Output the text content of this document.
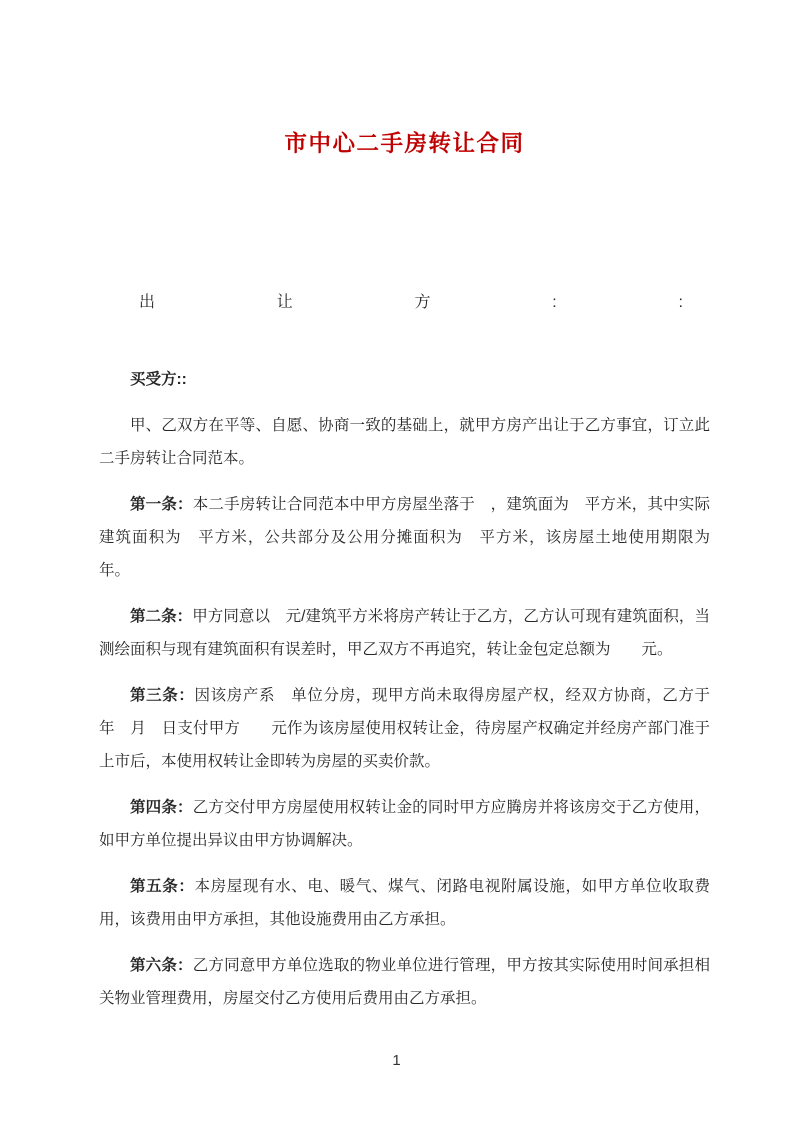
市中心二手房转让合同
出	让	方	:	:

买受方::

甲、乙双方在平等、自愿、协商一致的基础上，就甲方房产出让于乙方事宜，订立此二手房转让合同范本。

第一条：本二手房转让合同范本中甲方房屋坐落于　，建筑面为　平方米，其中实际建筑面积为　平方米，公共部分及公用分摊面积为　平方米，该房屋土地使用期限为　年。

第二条：甲方同意以　元/建筑平方米将房产转让于乙方，乙方认可现有建筑面积，当测绘面积与现有建筑面积有误差时，甲乙双方不再追究，转让金包定总额为　　元。

第三条：因该房产系　单位分房，现甲方尚未取得房屋产权，经双方协商，乙方于　年　月　日支付甲方　　元作为该房屋使用权转让金，待房屋产权确定并经房产部门准于上市后，本使用权转让金即转为房屋的买卖价款。

第四条：乙方交付甲方房屋使用权转让金的同时甲方应腾房并将该房交于乙方使用，如甲方单位提出异议由甲方协调解决。

第五条：本房屋现有水、电、暖气、煤气、闭路电视附属设施，如甲方单位收取费用，该费用由甲方承担，其他设施费用由乙方承担。

第六条：乙方同意甲方单位选取的物业单位进行管理，甲方按其实际使用时间承担相关物业管理费用，房屋交付乙方使用后费用由乙方承担。

1
